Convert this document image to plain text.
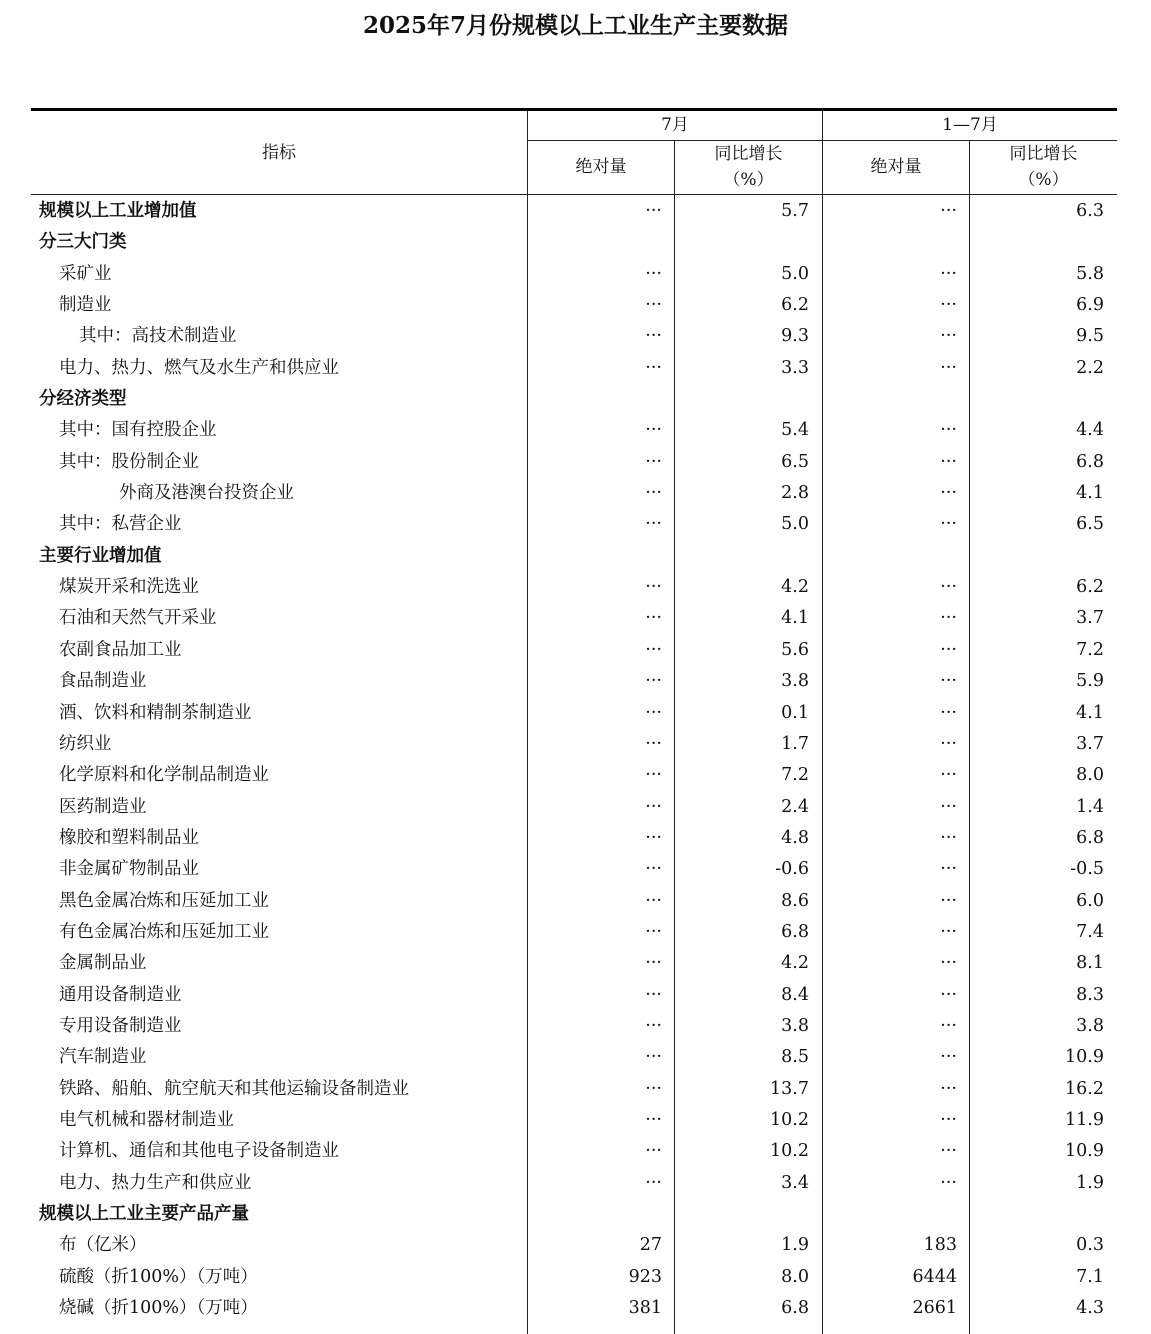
2025年7月份规模以上工业生产主要数据
指标
7月	1—7月
绝对量
同比增长
（%）
绝对量
同比增长
（%）
规模以上工业增加值	···	5.7	···	6.3
分三大门类
采矿业	···	5.0	···	5.8
制造业	···	6.2	···	6.9
其中：高技术制造业	···	9.3	···	9.5
电力、热力、燃气及水生产和供应业	···	3.3	···	2.2
分经济类型
其中：国有控股企业	···	5.4	···	4.4
其中：股份制企业	···	6.5	···	6.8
外商及港澳台投资企业	···	2.8	···	4.1
其中：私营企业	···	5.0	···	6.5
主要行业增加值
煤炭开采和洗选业	···	4.2	···	6.2
石油和天然气开采业	···	4.1	···	3.7
农副食品加工业	···	5.6	···	7.2
食品制造业	···	3.8	···	5.9
酒、饮料和精制茶制造业	···	0.1	···	4.1
纺织业	···	1.7	···	3.7
化学原料和化学制品制造业	···	7.2	···	8.0
医药制造业	···	2.4	···	1.4
橡胶和塑料制品业	···	4.8	···	6.8
非金属矿物制品业	···	-0.6	···	-0.5
黑色金属冶炼和压延加工业	···	8.6	···	6.0
有色金属冶炼和压延加工业	···	6.8	···	7.4
金属制品业	···	4.2	···	8.1
通用设备制造业	···	8.4	···	8.3
专用设备制造业	···	3.8	···	3.8
汽车制造业	···	8.5	···	10.9
铁路、船舶、航空航天和其他运输设备制造业	···	13.7	···	16.2
电气机械和器材制造业	···	10.2	···	11.9
计算机、通信和其他电子设备制造业	···	10.2	···	10.9
电力、热力生产和供应业	···	3.4	···	1.9
规模以上工业主要产品产量
布（亿米）	27	1.9	183	0.3
硫酸（折100%）（万吨）	923	8.0	6444	7.1
烧碱（折100%）（万吨）	381	6.8	2661	4.3
